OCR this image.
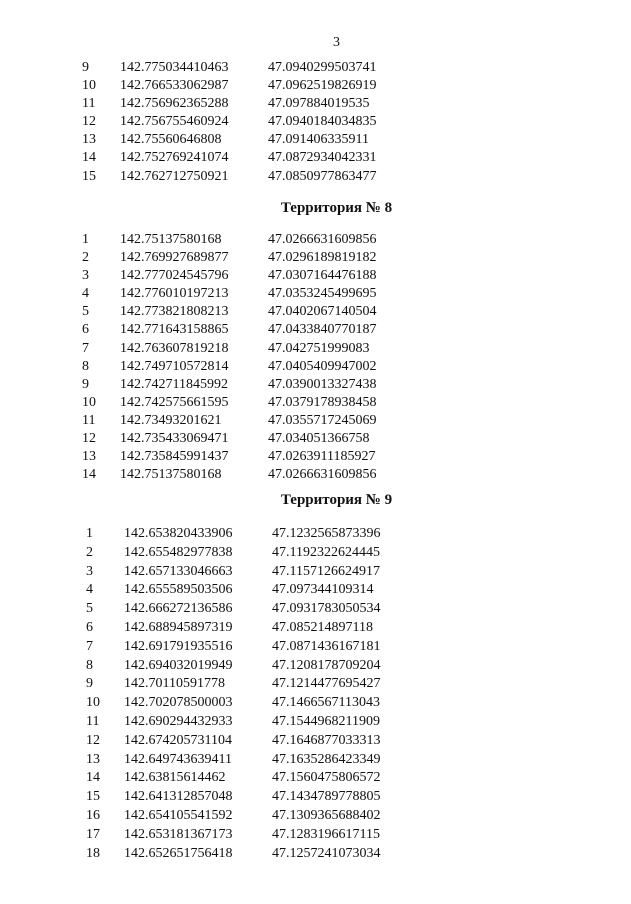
3
9 142.775034410463	47.0940299503741
10 142.766533062987	47.0962519826919
11 142.756962365288	47.097884019535
12 142.756755460924	47.0940184034835
13 142.75560646808	47.091406335911
14 142.752769241074	47.0872934042331
15 142.762712750921	47.0850977863477
Территория № 8
1 142.75137580168	47.0266631609856
2 142.769927689877	47.0296189819182
3 142.777024545796	47.0307164476188
4 142.776010197213	47.0353245499695
5 142.773821808213	47.0402067140504
6 142.771643158865	47.0433840770187
7 142.763607819218	47.042751999083
8 142.749710572814	47.0405409947002
9 142.742711845992	47.0390013327438
10 142.742575661595	47.0379178938458
11 142.73493201621	47.0355717245069
12 142.735433069471	47.034051366758
13 142.735845991437	47.0263911185927
14 142.75137580168	47.0266631609856
Территория № 9
1 142.653820433906	47.1232565873396
2 142.655482977838	47.1192322624445
3 142.657133046663	47.1157126624917
4 142.655589503506	47.097344109314
5 142.666272136586	47.0931783050534
6 142.688945897319	47.085214897118
7 142.691791935516	47.0871436167181
8 142.694032019949	47.1208178709204
9 142.70110591778	47.1214477695427
10 142.702078500003	47.1466567113043
11 142.690294432933	47.1544968211909
12 142.674205731104	47.1646877033313
13 142.649743639411	47.1635286423349
14 142.63815614462	47.1560475806572
15 142.641312857048	47.1434789778805
16 142.654105541592	47.1309365688402
17 142.653181367173	47.1283196617115
18 142.652651756418	47.1257241073034
